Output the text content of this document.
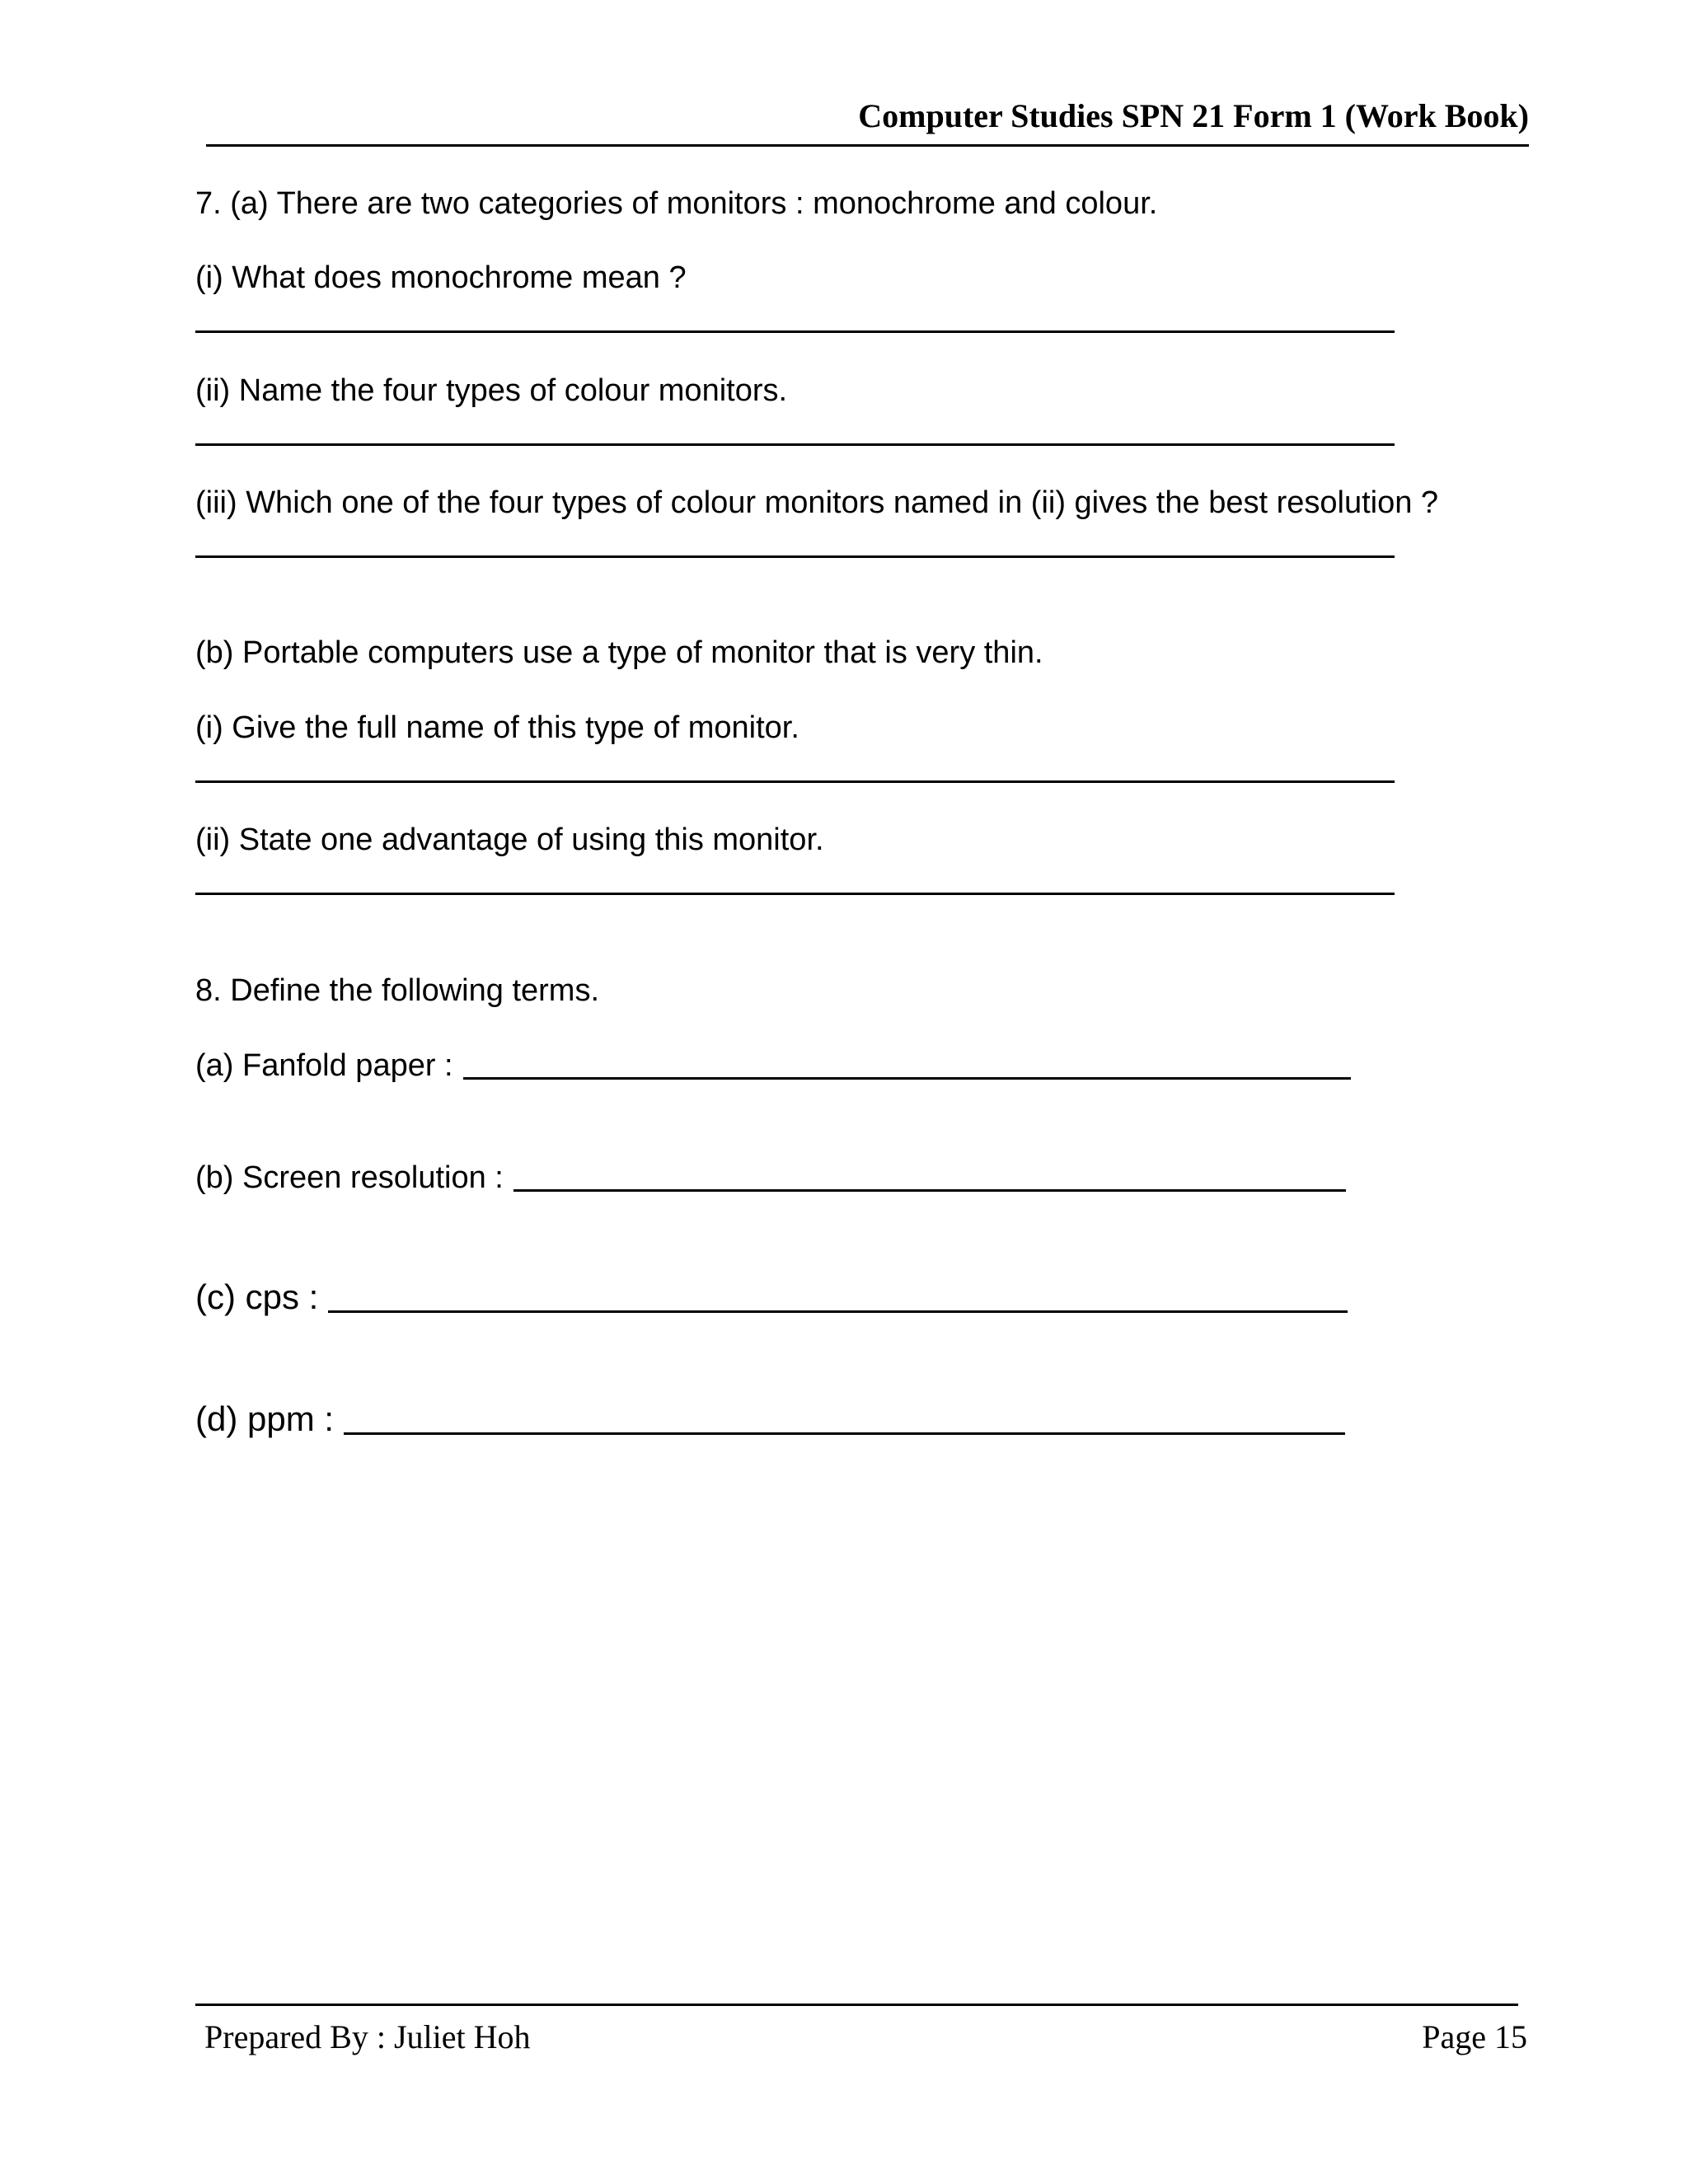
Computer Studies SPN 21 Form 1 (Work Book)
7. (a) There are two categories of monitors : monochrome and colour.
(i) What does monochrome mean ?
(ii) Name the four types of colour monitors.
(iii) Which one of the four types of colour monitors named in (ii) gives the best resolution ?
(b) Portable computers use a type of monitor that is very thin.
(i) Give the full name of this type of monitor.
(ii) State one advantage of using this monitor.
8. Define the following terms.
(a) Fanfold paper :
(b) Screen resolution :
(c) cps :
(d) ppm :
Prepared By : Juliet Hoh	Page 15
